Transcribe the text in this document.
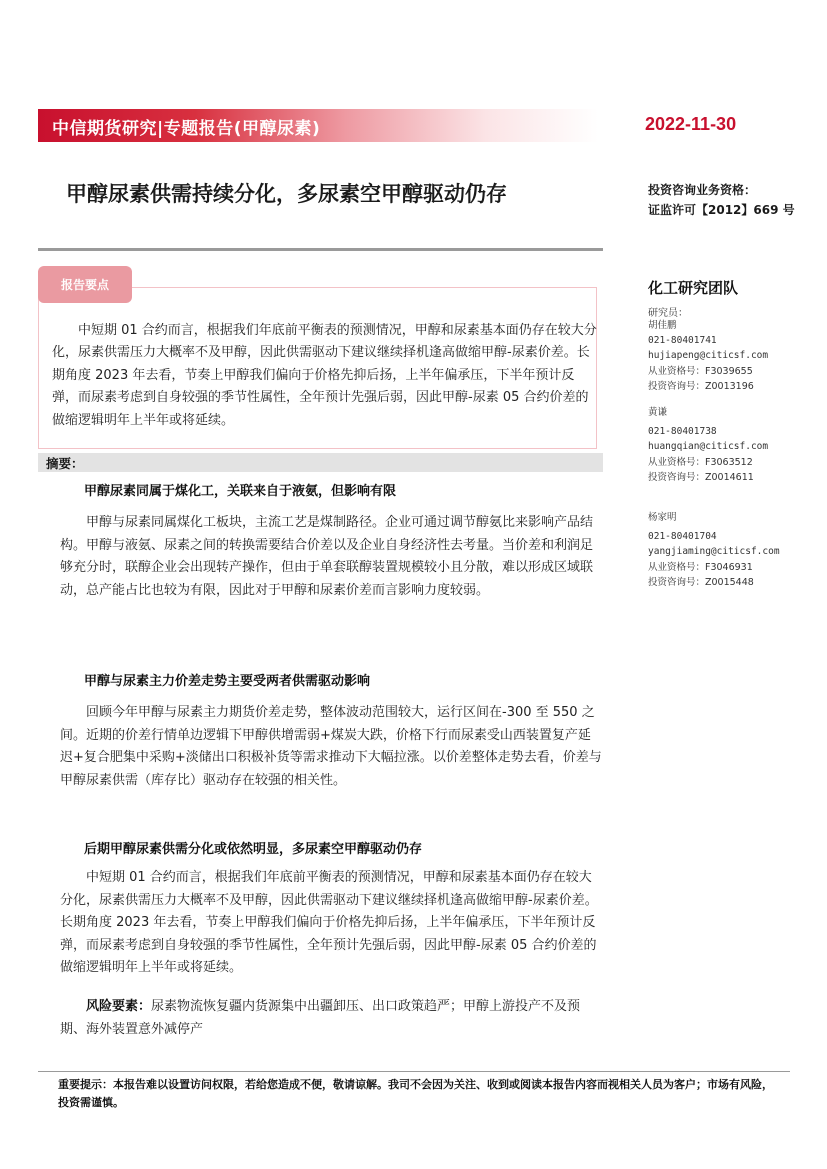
中信期货研究|专题报告(甲醇尿素)	2022-11-30
甲醇尿素供需持续分化，多尿素空甲醇驱动仍存	投资咨询业务资格：
证监许可【2012】669 号
报告要点
中短期 01 合约而言，根据我们年底前平衡表的预测情况，甲醇和尿素基本面仍存在较大分化，尿素供需压力大概率不及甲醇，因此供需驱动下建议继续择机逢高做缩甲醇-尿素价差。长期角度 2023 年去看，节奏上甲醇我们偏向于价格先抑后扬，上半年偏承压，下半年预计反弹，而尿素考虑到自身较强的季节性属性，全年预计先强后弱，因此甲醇-尿素 05 合约价差的做缩逻辑明年上半年或将延续。
摘要：
甲醇尿素同属于煤化工，关联来自于液氨，但影响有限
甲醇与尿素同属煤化工板块，主流工艺是煤制路径。企业可通过调节醇氨比来影响产品结构。甲醇与液氨、尿素之间的转换需要结合价差以及企业自身经济性去考量。当价差和利润足够充分时，联醇企业会出现转产操作，但由于单套联醇装置规模较小且分散，难以形成区域联动，总产能占比也较为有限，因此对于甲醇和尿素价差而言影响力度较弱。
甲醇与尿素主力价差走势主要受两者供需驱动影响
回顾今年甲醇与尿素主力期货价差走势，整体波动范围较大，运行区间在-300 至 550 之间。近期的价差行情单边逻辑下甲醇供增需弱+煤炭大跌，价格下行而尿素受山西装置复产延迟+复合肥集中采购+淡储出口积极补货等需求推动下大幅拉涨。以价差整体走势去看，价差与甲醇尿素供需（库存比）驱动存在较强的相关性。
后期甲醇尿素供需分化或依然明显，多尿素空甲醇驱动仍存
中短期 01 合约而言，根据我们年底前平衡表的预测情况，甲醇和尿素基本面仍存在较大分化，尿素供需压力大概率不及甲醇，因此供需驱动下建议继续择机逢高做缩甲醇-尿素价差。长期角度 2023 年去看，节奏上甲醇我们偏向于价格先抑后扬，上半年偏承压，下半年预计反弹，而尿素考虑到自身较强的季节性属性，全年预计先强后弱，因此甲醇-尿素 05 合约价差的做缩逻辑明年上半年或将延续。
风险要素：尿素物流恢复疆内货源集中出疆卸压、出口政策趋严；甲醇上游投产不及预期、海外装置意外减停产
化工研究团队
研究员：
胡佳鹏
021-80401741
hujiapeng@citicsf.com
从业资格号：F3039655
投资咨询号：Z0013196
黄谦
021-80401738
huangqian@citicsf.com
从业资格号：F3063512
投资咨询号：Z0014611
杨家明
021-80401704
yangjiaming@citicsf.com
从业资格号：F3046931
投资咨询号：Z0015448
重要提示：本报告难以设置访问权限，若给您造成不便，敬请谅解。我司不会因为关注、收到或阅读本报告内容而视相关人员为客户；市场有风险，投资需谨慎。
